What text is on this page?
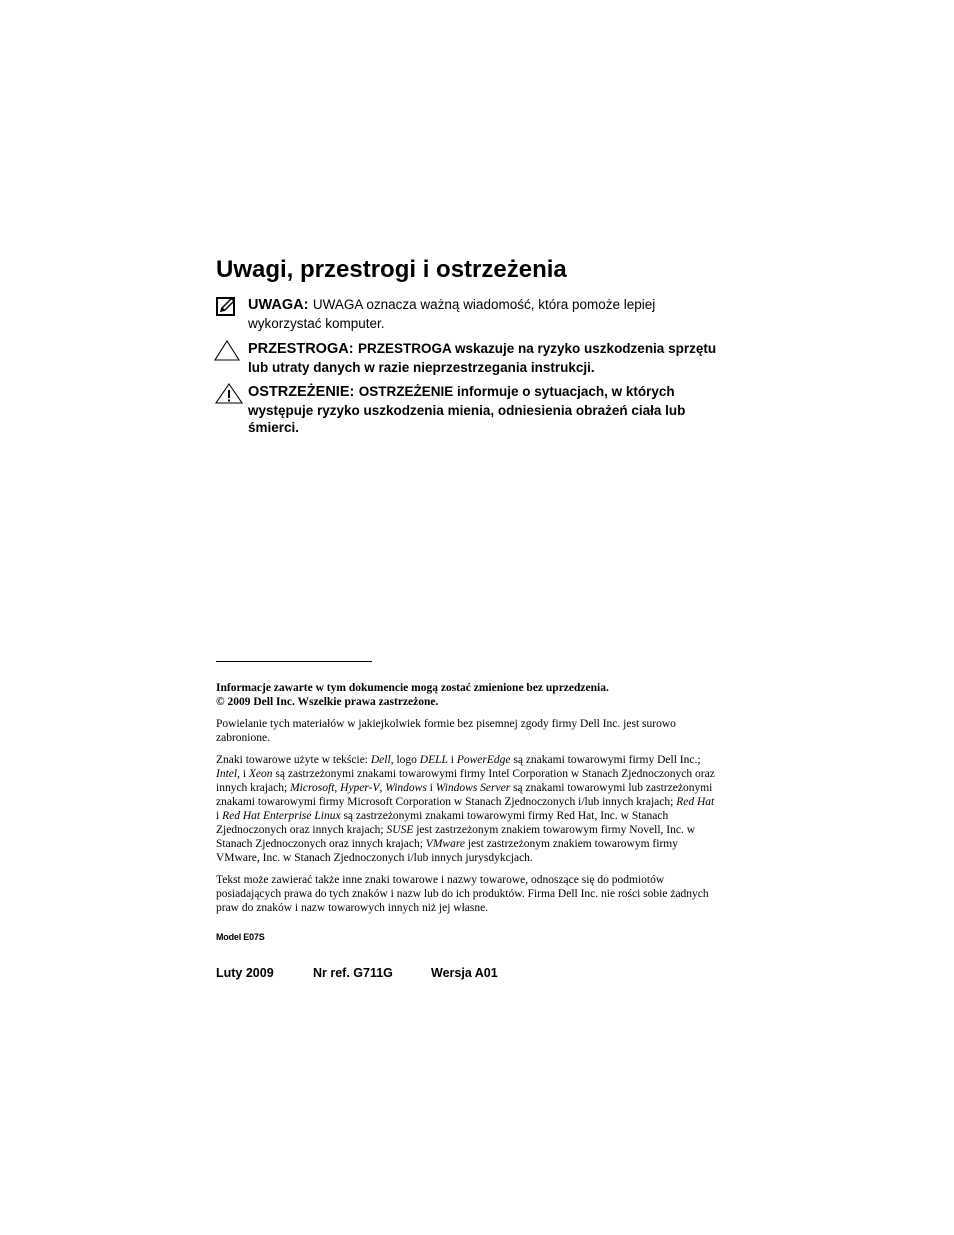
Uwagi, przestrogi i ostrzeżenia
UWAGA: UWAGA oznacza ważną wiadomość, która pomoże lepiej wykorzystać komputer.
PRZESTROGA: PRZESTROGA wskazuje na ryzyko uszkodzenia sprzętu lub utraty danych w razie nieprzestrzegania instrukcji.
OSTRZEŻENIE: OSTRZEŻENIE informuje o sytuacjach, w których występuje ryzyko uszkodzenia mienia, odniesienia obrażeń ciała lub śmierci.

Informacje zawarte w tym dokumencie mogą zostać zmienione bez uprzedzenia.
© 2009 Dell Inc. Wszelkie prawa zastrzeżone.

Powielanie tych materiałów w jakiejkolwiek formie bez pisemnej zgody firmy Dell Inc. jest surowo zabronione.

Znaki towarowe użyte w tekście: Dell, logo DELL i PowerEdge są znakami towarowymi firmy Dell Inc.; Intel, i Xeon są zastrzeżonymi znakami towarowymi firmy Intel Corporation w Stanach Zjednoczonych oraz innych krajach; Microsoft, Hyper-V, Windows i Windows Server są znakami towarowymi lub zastrzeżonymi znakami towarowymi firmy Microsoft Corporation w Stanach Zjednoczonych i/lub innych krajach; Red Hat i Red Hat Enterprise Linux są zastrzeżonymi znakami towarowymi firmy Red Hat, Inc. w Stanach Zjednoczonych oraz innych krajach; SUSE jest zastrzeżonym znakiem towarowym firmy Novell, Inc. w Stanach Zjednoczonych oraz innych krajach; VMware jest zastrzeżonym znakiem towarowym firmy VMware, Inc. w Stanach Zjednoczonych i/lub innych jurysdykcjach.

Tekst może zawierać także inne znaki towarowe i nazwy towarowe, odnoszące się do podmiotów posiadających prawa do tych znaków i nazw lub do ich produktów. Firma Dell Inc. nie rości sobie żadnych praw do znaków i nazw towarowych innych niż jej własne.

Model E07S

Luty 2009	Nr ref. G711G	Wersja A01
